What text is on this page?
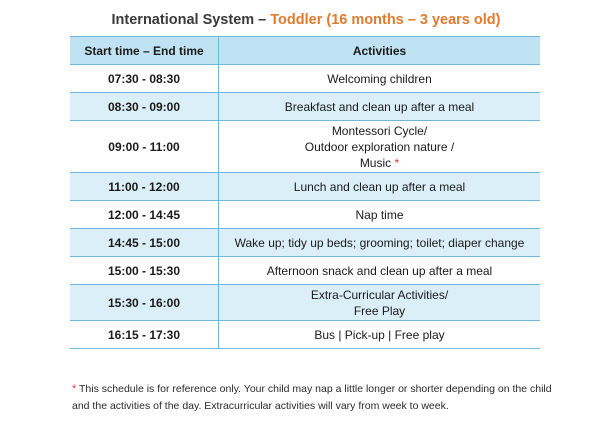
International System – Toddler (16 months – 3 years old)
Start time – End time	Activities
07:30 - 08:30	Welcoming children

08:30 - 09:00	Breakfast and clean up after a meal

09:00 - 11:00	Montessori Cycle/
Outdoor exploration nature /
Music *

11:00 - 12:00	Lunch and clean up after a meal

12:00 - 14:45	Nap time

14:45 - 15:00	Wake up; tidy up beds; grooming; toilet; diaper change

15:00 - 15:30	Afternoon snack and clean up after a meal

15:30 - 16:00	Extra-Curricular Activities/
Free Play

16:15 - 17:30	Bus | Pick-up | Free play
* This schedule is for reference only. Your child may nap a little longer or shorter depending on the child and the activities of the day. Extracurricular activities will vary from week to week.
